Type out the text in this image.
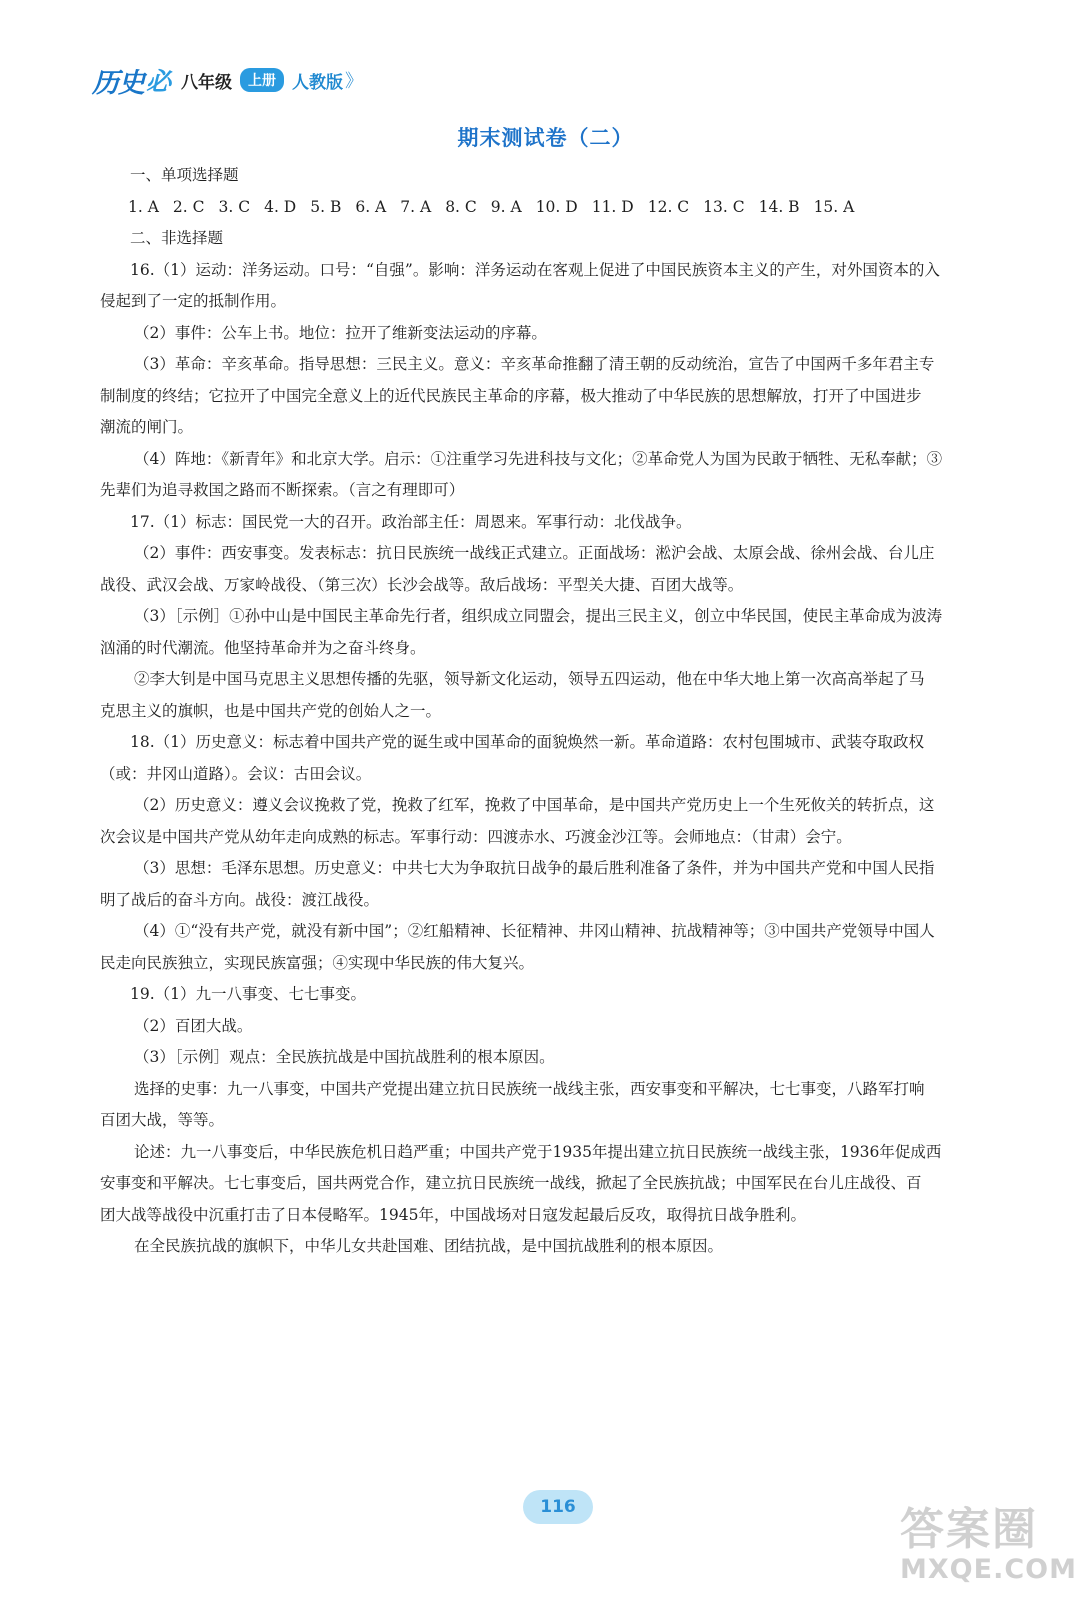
历史 必 八年级	上册 人教版 》
期末测试卷（二）

一、单项选择题

1. A 2. C 3. C 4. D 5. B 6. A 7. A 8. C 9. A 10. D 11. D 12. C 13. C 14. B 15. A

二、非选择题

16.（1）运动：洋务运动。口号：“自强”。影响：洋务运动在客观上促进了中国民族资本主义的产生，对外国资本的入

侵起到了一定的抵制作用。

（2）事件：公车上书。地位：拉开了维新变法运动的序幕。

（3）革命：辛亥革命。指导思想：三民主义。意义：辛亥革命推翻了清王朝的反动统治，宣告了中国两千多年君主专

制制度的终结；它拉开了中国完全意义上的近代民族民主革命的序幕，极大推动了中华民族的思想解放，打开了中国进步

潮流的闸门。

（4）阵地：《新青年》和北京大学。启示：①注重学习先进科技与文化；②革命党人为国为民敢于牺牲、无私奉献；③

先辈们为追寻救国之路而不断探索。（言之有理即可）

17.（1）标志：国民党一大的召开。政治部主任：周恩来。军事行动：北伐战争。

（2）事件：西安事变。发表标志：抗日民族统一战线正式建立。正面战场：淞沪会战、太原会战、徐州会战、台儿庄

战役、武汉会战、万家岭战役、（第三次）长沙会战等。敌后战场：平型关大捷、百团大战等。

（3）［示例］①孙中山是中国民主革命先行者，组织成立同盟会，提出三民主义，创立中华民国，使民主革命成为波涛

汹涌的时代潮流。他坚持革命并为之奋斗终身。

②李大钊是中国马克思主义思想传播的先驱，领导新文化运动，领导五四运动，他在中华大地上第一次高高举起了马

克思主义的旗帜，也是中国共产党的创始人之一。

18.（1）历史意义：标志着中国共产党的诞生或中国革命的面貌焕然一新。革命道路：农村包围城市、武装夺取政权

（或：井冈山道路）。会议：古田会议。

（2）历史意义：遵义会议挽救了党，挽救了红军，挽救了中国革命，是中国共产党历史上一个生死攸关的转折点，这

次会议是中国共产党从幼年走向成熟的标志。军事行动：四渡赤水、巧渡金沙江等。会师地点：（甘肃）会宁。

（3）思想：毛泽东思想。历史意义：中共七大为争取抗日战争的最后胜利准备了条件，并为中国共产党和中国人民指

明了战后的奋斗方向。战役：渡江战役。

（4）①“没有共产党，就没有新中国”；②红船精神、长征精神、井冈山精神、抗战精神等；③中国共产党领导中国人

民走向民族独立，实现民族富强；④实现中华民族的伟大复兴。

19.（1）九一八事变、七七事变。

（2）百团大战。

（3）［示例］观点：全民族抗战是中国抗战胜利的根本原因。

选择的史事：九一八事变，中国共产党提出建立抗日民族统一战线主张，西安事变和平解决，七七事变，八路军打响

百团大战，等等。

论述：九一八事变后，中华民族危机日趋严重；中国共产党于1935年提出建立抗日民族统一战线主张，1936年促成西

安事变和平解决。七七事变后，国共两党合作，建立抗日民族统一战线，掀起了全民族抗战；中国军民在台儿庄战役、百

团大战等战役中沉重打击了日本侵略军。1945年，中国战场对日寇发起最后反攻，取得抗日战争胜利。

在全民族抗战的旗帜下，中华儿女共赴国难、团结抗战，是中国抗战胜利的根本原因。

116	答案圈
MXQE.COM
